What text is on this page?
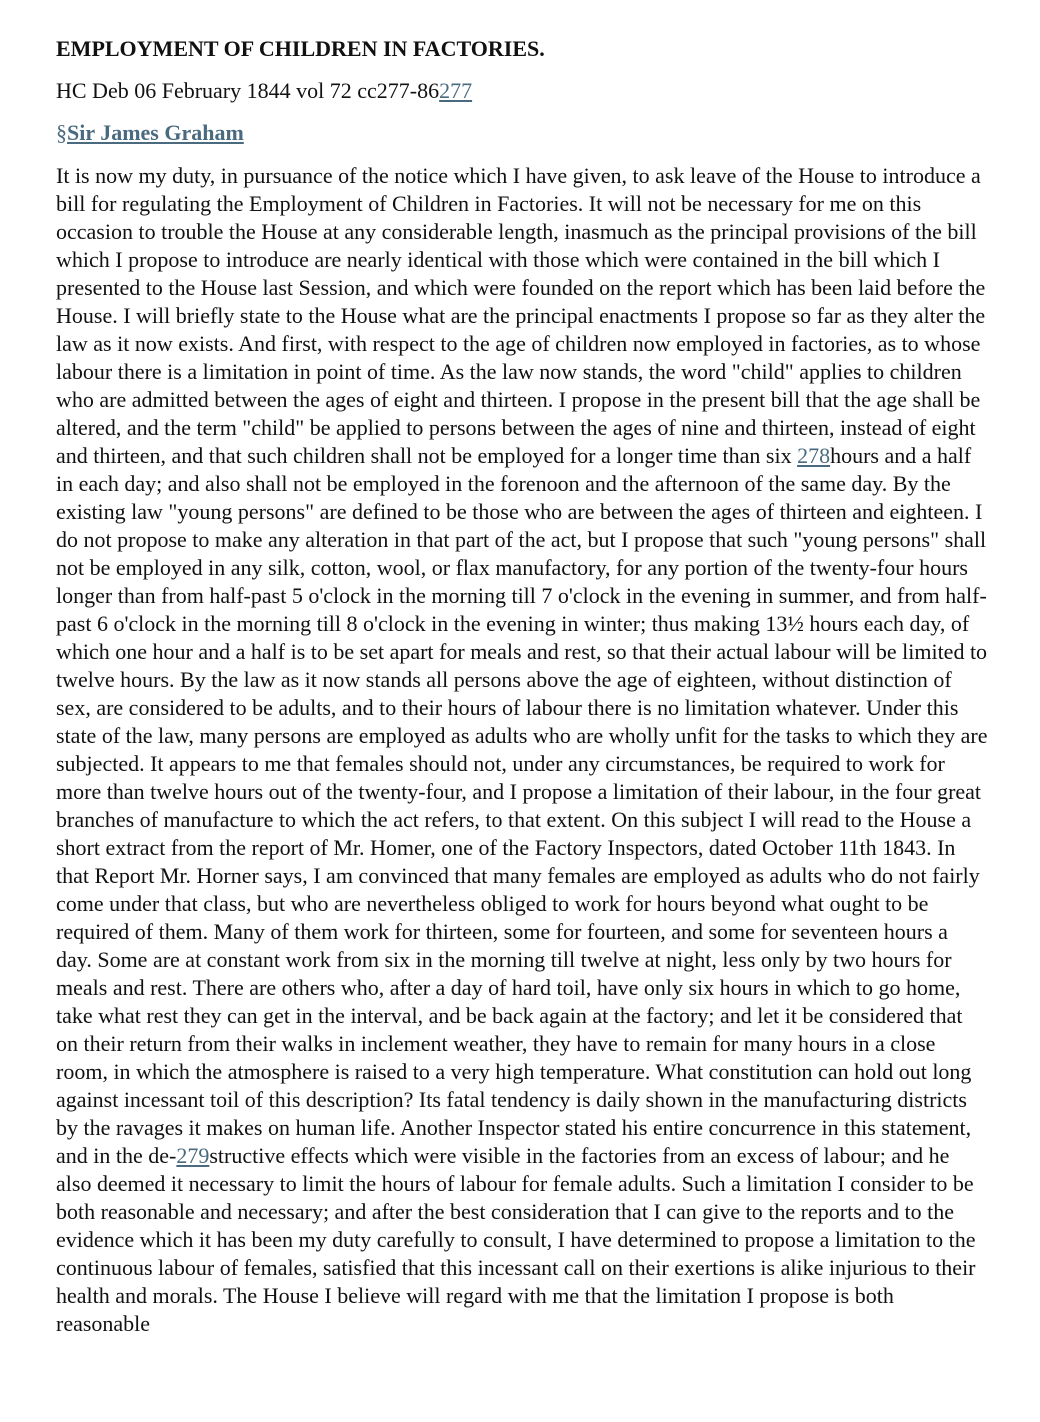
EMPLOYMENT OF CHILDREN IN FACTORIES.
HC Deb 06 February 1844 vol 72 cc277-86277
§Sir James Graham

It is now my duty, in pursuance of the notice which I have given, to ask leave of the House to introduce a bill for regulating the Employment of Children in Factories. It will not be necessary for me on this occasion to trouble the House at any considerable length, inasmuch as the principal provisions of the bill which I propose to introduce are nearly identical with those which were contained in the bill which I presented to the House last Session, and which were founded on the report which has been laid before the House. I will briefly state to the House what are the principal enactments I propose so far as they alter the law as it now exists. And first, with respect to the age of children now employed in factories, as to whose labour there is a limitation in point of time. As the law now stands, the word "child" applies to children who are admitted between the ages of eight and thirteen. I propose in the present bill that the age shall be altered, and the term "child" be applied to persons between the ages of nine and thirteen, instead of eight and thirteen, and that such children shall not be employed for a longer time than six 278hours and a half in each day; and also shall not be employed in the forenoon and the afternoon of the same day. By the existing law "young persons" are defined to be those who are between the ages of thirteen and eighteen. I do not propose to make any alteration in that part of the act, but I propose that such "young persons" shall not be employed in any silk, cotton, wool, or flax manufactory, for any portion of the twenty-four hours longer than from half-past 5 o'clock in the morning till 7 o'clock in the evening in summer, and from half-past 6 o'clock in the morning till 8 o'clock in the evening in winter; thus making 13½ hours each day, of which one hour and a half is to be set apart for meals and rest, so that their actual labour will be limited to twelve hours. By the law as it now stands all persons above the age of eighteen, without distinction of sex, are considered to be adults, and to their hours of labour there is no limitation whatever. Under this state of the law, many persons are employed as adults who are wholly unfit for the tasks to which they are subjected. It appears to me that females should not, under any circumstances, be required to work for more than twelve hours out of the twenty-four, and I propose a limitation of their labour, in the four great branches of manufacture to which the act refers, to that extent. On this subject I will read to the House a short extract from the report of Mr. Homer, one of the Factory Inspectors, dated October 11th 1843. In that Report Mr. Horner says, I am convinced that many females are employed as adults who do not fairly come under that class, but who are nevertheless obliged to work for hours beyond what ought to be required of them. Many of them work for thirteen, some for fourteen, and some for seventeen hours a day. Some are at constant work from six in the morning till twelve at night, less only by two hours for meals and rest. There are others who, after a day of hard toil, have only six hours in which to go home, take what rest they can get in the interval, and be back again at the factory; and let it be considered that on their return from their walks in inclement weather, they have to remain for many hours in a close room, in which the atmosphere is raised to a very high temperature. What constitution can hold out long against incessant toil of this description? Its fatal tendency is daily shown in the manufacturing districts by the ravages it makes on human life. Another Inspector stated his entire concurrence in this statement, and in the de-279structive effects which were visible in the factories from an excess of labour; and he also deemed it necessary to limit the hours of labour for female adults. Such a limitation I consider to be both reasonable and necessary; and after the best consideration that I can give to the reports and to the evidence which it has been my duty carefully to consult, I have determined to propose a limitation to the continuous labour of females, satisfied that this incessant call on their exertions is alike injurious to their health and morals. The House I believe will regard with me that the limitation I propose is both reasonable
